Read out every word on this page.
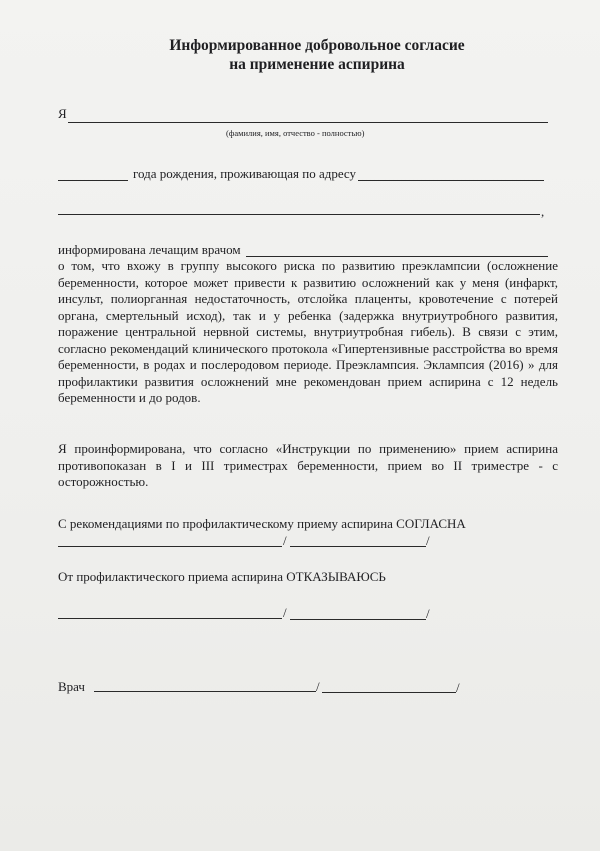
Информированное добровольное согласие

на применение аспирина

Я
(фамилия, имя, отчество - полностью)
года рождения, проживающая по адресу
,
информирована лечащим врачом

о том, что вхожу в группу высокого риска по развитию преэклампсии (осложнение беременности, которое может привести к развитию осложнений как у меня (инфаркт, инсульт, полиорганная недостаточность, отслойка плаценты, кровотечение с потерей органа, смертельный исход), так и у ребенка (задержка внутриутробного развития, поражение центральной нервной системы, внутриутробная гибель). В связи с этим, согласно рекомендаций клинического протокола «Гипертензивные расстройства во время беременности, в родах и послеродовом периоде. Преэклампсия. Эклампсия (2016) » для профилактики развития осложнений мне рекомендован прием аспирина с 12 недель беременности и до родов.

Я проинформирована, что согласно «Инструкции по применению» прием аспирина противопоказан в I и III триместрах беременности, прием во II триместре - с осторожностью.

С рекомендациями по профилактическому приему аспирина СОГЛАСНА
/	/
От профилактического приема аспирина ОТКАЗЫВАЮСЬ
/	/
Врач	/	/
